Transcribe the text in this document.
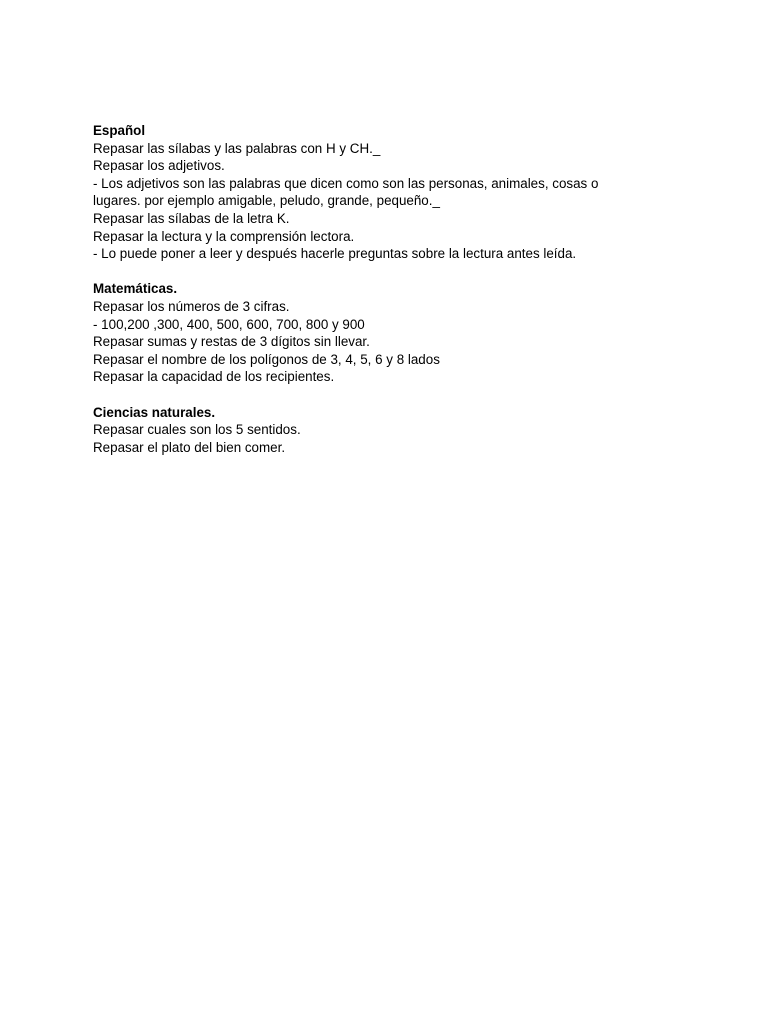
Español
Repasar las sílabas y las palabras con H y CH._
Repasar los adjetivos.
- Los adjetivos son las palabras que dicen como son las personas, animales, cosas o
lugares. por ejemplo amigable, peludo, grande, pequeño._
Repasar las sílabas de la letra K.
Repasar la lectura y la comprensión lectora.
- Lo puede poner a leer y después hacerle preguntas sobre la lectura antes leída.
Matemáticas.
Repasar los números de 3 cifras.
- 100,200 ,300, 400, 500, 600, 700, 800 y 900
Repasar sumas y restas de 3 dígitos sin llevar.
Repasar el nombre de los polígonos de 3, 4, 5, 6 y 8 lados
Repasar la capacidad de los recipientes.
Ciencias naturales.
Repasar cuales son los 5 sentidos.
Repasar el plato del bien comer.
